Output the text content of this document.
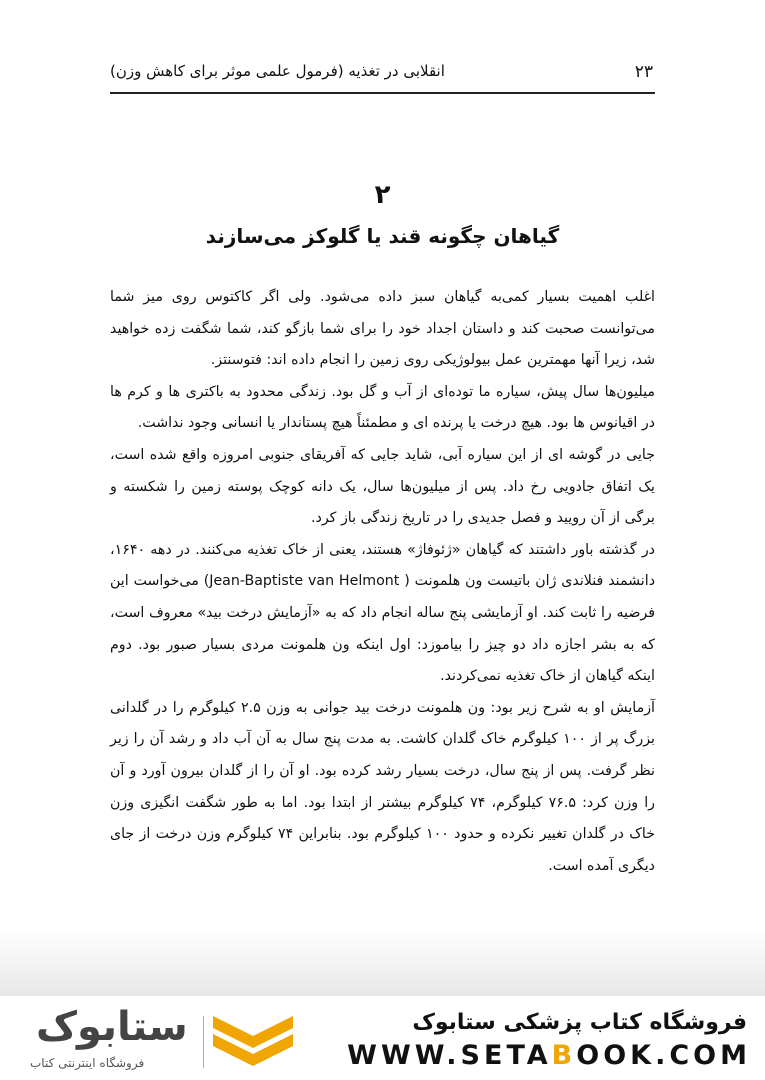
۲۳
انقلابی در تغذیه (فرمول علمی موثر برای کاهش وزن)
۲
گیاهان چگونه قند یا گلوکز می‌سازند

اغلب اهمیت بسیار کمی‌به گیاهان سبز داده می‌شود. ولی اگر کاکتوس روی میز شما می‌توانست صحبت کند و داستان اجداد خود را برای شما بازگو کند، شما شگفت زده خواهید شد، زیرا آنها مهمترین عمل بیولوژیکی روی زمین را انجام داده اند: فتوسنتز.

میلیون‌ها سال پیش، سیاره ما توده‌ای از آب و گل بود. زندگی محدود به باکتری ها و کرم ها در اقیانوس ها بود. هیچ درخت یا پرنده ای و مطمئناً هیچ پستاندار یا انسانی وجود نداشت.

جایی در گوشه ای از این سیاره آبی، شاید جایی که آفریقای جنوبی امروزه واقع شده است، یک اتفاق جادویی رخ داد. پس از میلیون‌ها سال، یک دانه کوچک پوسته زمین را شکسته و برگی از آن رویید و فصل جدیدی را در تاریخ زندگی باز کرد.

در گذشته باور داشتند که گیاهان «ژئوفاژ» هستند، یعنی از خاک تغذیه می‌کنند. در دهه ۱۶۴۰، دانشمند فنلاندی ژان باتیست ون هلمونت ( Jean-Baptiste van Helmont) می‌خواست این فرضیه را ثابت کند. او آزمایشی پنج ساله انجام داد که به «آزمایش درخت بید» معروف است، که به بشر اجازه داد دو چیز را بیاموزد: اول اینکه ون هلمونت مردی بسیار صبور بود. دوم اینکه گیاهان از خاک تغذیه نمی‌کردند.

آزمایش او به شرح زیر بود: ون هلمونت درخت بید جوانی به وزن ۲.۵ کیلوگرم را در گلدانی بزرگ پر از ۱۰۰ کیلوگرم خاک گلدان کاشت. به مدت پنج سال به آن آب داد و رشد آن را زیر نظر گرفت. پس از پنج سال، درخت بسیار رشد کرده بود. او آن را از گلدان بیرون آورد و آن را وزن کرد: ۷۶.۵ کیلوگرم، ۷۴ کیلوگرم بیشتر از ابتدا بود. اما به طور شگفت انگیزی وزن خاک در گلدان تغییر نکرده و حدود ۱۰۰ کیلوگرم بود. بنابراین ۷۴ کیلوگرم وزن درخت از جای دیگری آمده است.

فروشگاه کتاب پزشکی ستابوک
WWW.SETABOOK.COM
ستابوک
فروشگاه اینترنتی کتاب
